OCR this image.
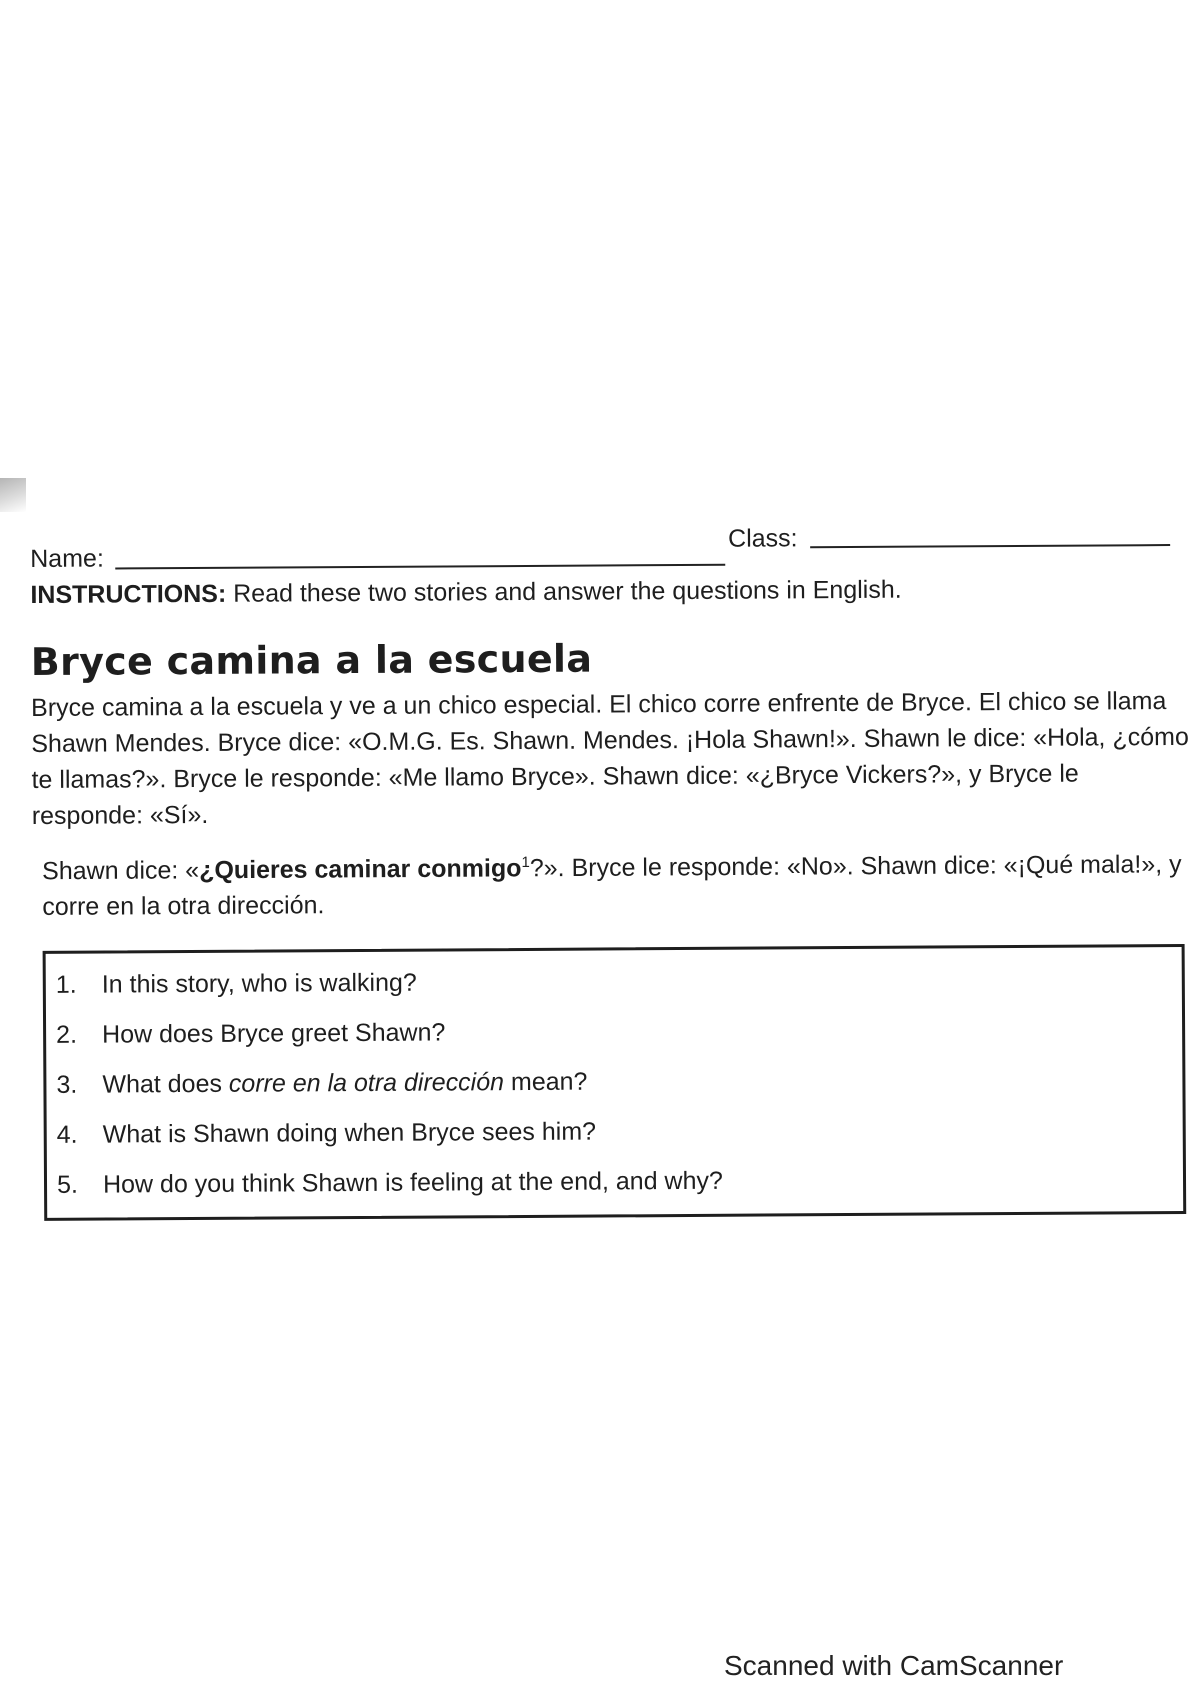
Name:
Class:
INSTRUCTIONS: Read these two stories and answer the questions in English.
Bryce camina a la escuela

Bryce camina a la escuela y ve a un chico especial. El chico corre enfrente de Bryce. El chico se llama Shawn Mendes. Bryce dice: «O.M.G. Es. Shawn. Mendes. ¡Hola Shawn!». Shawn le dice: «Hola, ¿cómo te llamas?». Bryce le responde: «Me llamo Bryce». Shawn dice: «¿Bryce Vickers?», y Bryce le responde: «Sí».

Shawn dice: «¿Quieres caminar conmigo$^1$?». Bryce le responde: «No». Shawn dice: «¡Qué mala!», y corre en la otra dirección.

1. In this story, who is walking?
2. How does Bryce greet Shawn?
3. What does corre en la otra dirección mean?
4. What is Shawn doing when Bryce sees him?
5. How do you think Shawn is feeling at the end, and why?
Scanned with CamScanner
